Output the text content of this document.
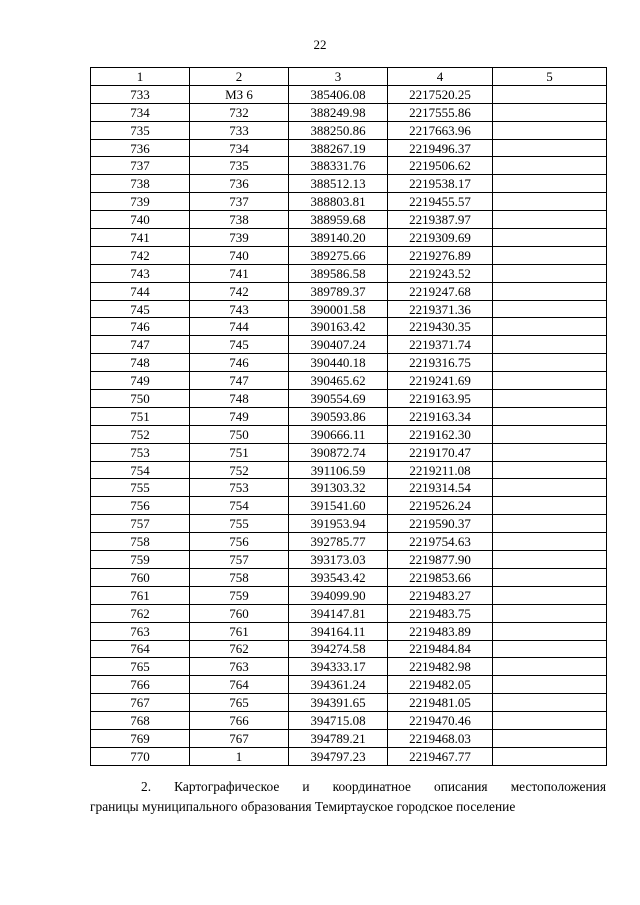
22
1	2	3	4	5
733	МЗ 6	385406.08	2217520.25	
734	732	388249.98	2217555.86	
735	733	388250.86	2217663.96	
736	734	388267.19	2219496.37	
737	735	388331.76	2219506.62	
738	736	388512.13	2219538.17	
739	737	388803.81	2219455.57	
740	738	388959.68	2219387.97	
741	739	389140.20	2219309.69	
742	740	389275.66	2219276.89	
743	741	389586.58	2219243.52	
744	742	389789.37	2219247.68	
745	743	390001.58	2219371.36	
746	744	390163.42	2219430.35	
747	745	390407.24	2219371.74	
748	746	390440.18	2219316.75	
749	747	390465.62	2219241.69	
750	748	390554.69	2219163.95	
751	749	390593.86	2219163.34	
752	750	390666.11	2219162.30	
753	751	390872.74	2219170.47	
754	752	391106.59	2219211.08	
755	753	391303.32	2219314.54	
756	754	391541.60	2219526.24	
757	755	391953.94	2219590.37	
758	756	392785.77	2219754.63	
759	757	393173.03	2219877.90	
760	758	393543.42	2219853.66	
761	759	394099.90	2219483.27	
762	760	394147.81	2219483.75	
763	761	394164.11	2219483.89	
764	762	394274.58	2219484.84	
765	763	394333.17	2219482.98	
766	764	394361.24	2219482.05	
767	765	394391.65	2219481.05	
768	766	394715.08	2219470.46	
769	767	394789.21	2219468.03	
770	1	394797.23	2219467.77	
2. Картографическое и координатное описания местоположения
границы муниципального образования Темиртауское городское поселение
